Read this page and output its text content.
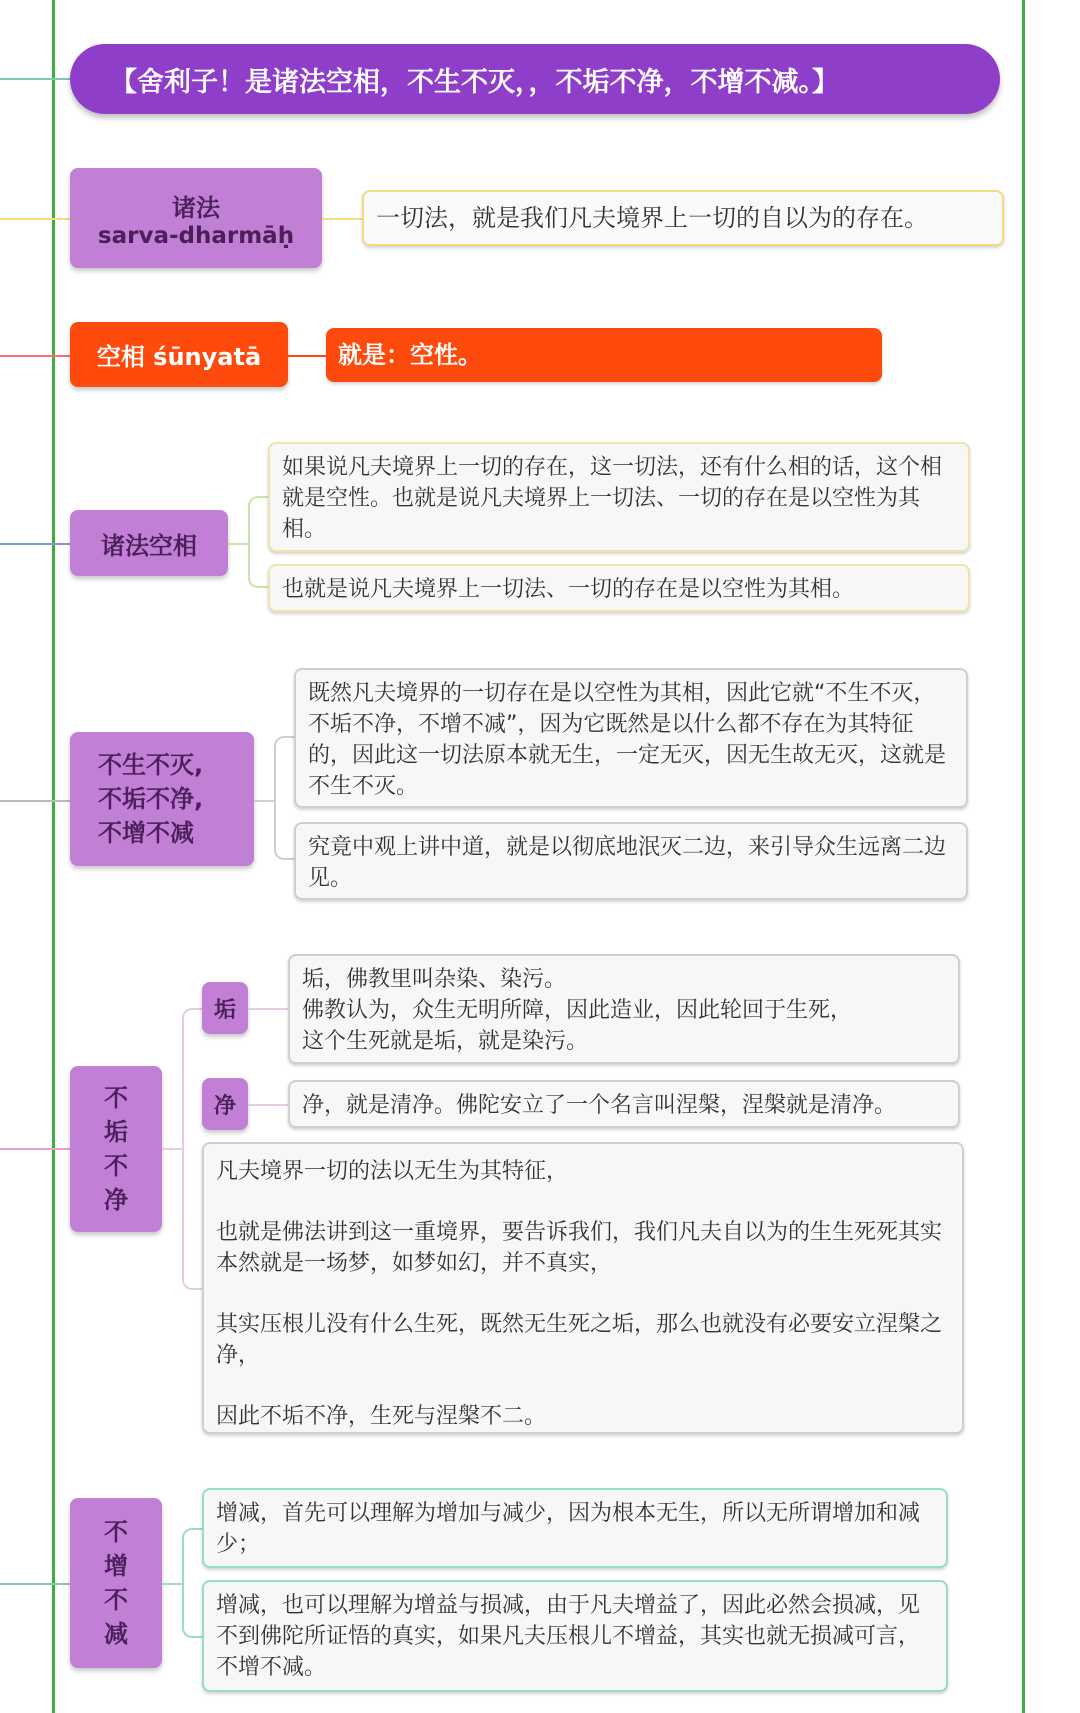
【舍利子！是诸法空相，不生不灭，，不垢不净，不增不减。】
诸法
sarva-dharmāḥ
一切法，就是我们凡夫境界上一切的自以为的存在。
空相 śūnyatā	就是：空性。
诸法空相
如果说凡夫境界上一切的存在，这一切法，还有什么相的话，这个相就是空性。也就是说凡夫境界上一切法、一切的存在是以空性为其相。
也就是说凡夫境界上一切法、一切的存在是以空性为其相。
不生不灭,
不垢不净,
不增不减
既然凡夫境界的一切存在是以空性为其相，因此它就“不生不灭，不垢不净，不增不减”，因为它既然是以什么都不存在为其特征的，因此这一切法原本就无生，一定无灭，因无生故无灭，这就是不生不灭。
究竟中观上讲中道，就是以彻底地泯灭二边，来引导众生远离二边见。
不
垢
不
净
垢

垢，佛教里叫杂染、染污。

佛教认为，众生无明所障，因此造业，因此轮回于生死，

这个生死就是垢，就是染污。

净	净，就是清净。佛陀安立了一个名言叫涅槃，涅槃就是清净。

凡夫境界一切的法以无生为其特征，

也就是佛法讲到这一重境界，要告诉我们，我们凡夫自以为的生生死死其实本然就是一场梦，如梦如幻，并不真实，

其实压根儿没有什么生死，既然无生死之垢，那么也就没有必要安立涅槃之净，

因此不垢不净，生死与涅槃不二。

不
增
不
减
增减，首先可以理解为增加与减少，因为根本无生，所以无所谓增加和减少；
增减，也可以理解为增益与损减，由于凡夫增益了，因此必然会损减，见不到佛陀所证悟的真实，如果凡夫压根儿不增益，其实也就无损减可言，不增不减。
